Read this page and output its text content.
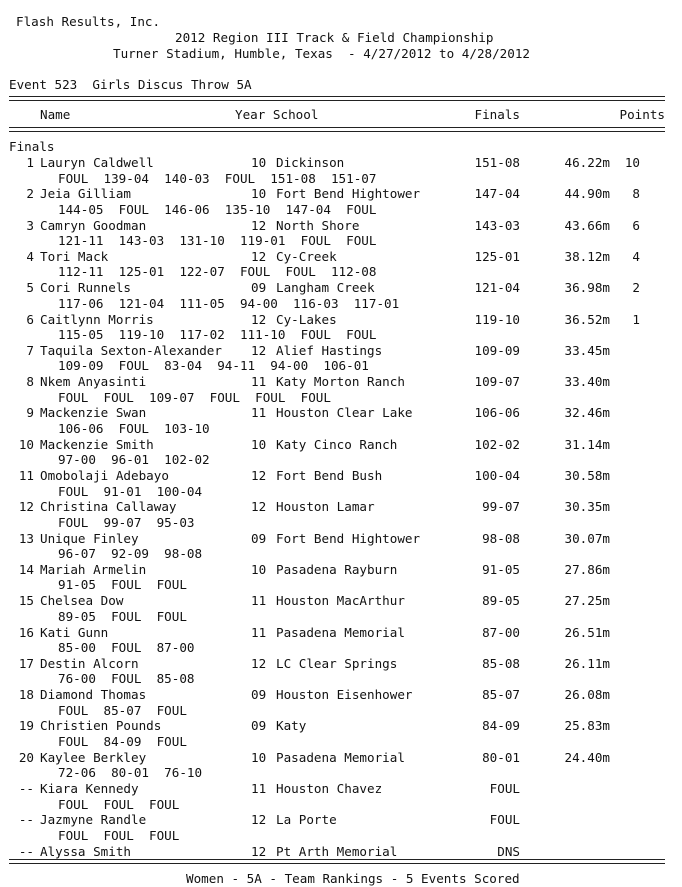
Flash Results, Inc.
2012 Region III Track & Field Championship
Turner Stadium, Humble, Texas  - 4/27/2012 to 4/28/2012
Event 523  Girls Discus Throw 5A
Name	Year School	Finals	Points
Finals
1 Lauryn Caldwell	10 Dickinson	151-08	46.22m	10
FOUL  139-04  140-03  FOUL  151-08  151-07
2 Jeia Gilliam	10 Fort Bend Hightower	147-04	44.90m	8
144-05  FOUL  146-06  135-10  147-04  FOUL
3 Camryn Goodman	12 North Shore	143-03	43.66m	6
121-11  143-03  131-10  119-01  FOUL  FOUL
4 Tori Mack	12 Cy-Creek	125-01	38.12m	4
112-11  125-01  122-07  FOUL  FOUL  112-08
5 Cori Runnels	09 Langham Creek	121-04	36.98m	2
117-06  121-04  111-05  94-00  116-03  117-01
6 Caitlynn Morris	12 Cy-Lakes	119-10	36.52m	1
115-05  119-10  117-02  111-10  FOUL  FOUL
7 Taquila Sexton-Alexander 12 Alief Hastings	109-09	33.45m
109-09  FOUL  83-04  94-11  94-00  106-01
8 Nkem Anyasinti	11 Katy Morton Ranch	109-07	33.40m
FOUL  FOUL  109-07  FOUL  FOUL  FOUL
9 Mackenzie Swan	11 Houston Clear Lake	106-06	32.46m
106-06  FOUL  103-10
10 Mackenzie Smith	10 Katy Cinco Ranch	102-02	31.14m
97-00  96-01  102-02
11 Omobolaji Adebayo	12 Fort Bend Bush	100-04	30.58m
FOUL  91-01  100-04
12 Christina Callaway	12 Houston Lamar	99-07	30.35m
FOUL  99-07  95-03
13 Unique Finley	09 Fort Bend Hightower	98-08	30.07m
96-07  92-09  98-08
14 Mariah Armelin	10 Pasadena Rayburn	91-05	27.86m
91-05  FOUL  FOUL
15 Chelsea Dow	11 Houston MacArthur	89-05	27.25m
89-05  FOUL  FOUL
16 Kati Gunn	11 Pasadena Memorial	87-00	26.51m
85-00  FOUL  87-00
17 Destin Alcorn	12 LC Clear Springs	85-08	26.11m
76-00  FOUL  85-08
18 Diamond Thomas	09 Houston Eisenhower	85-07	26.08m
FOUL  85-07  FOUL
19 Christien Pounds	09 Katy	84-09	25.83m
FOUL  84-09  FOUL
20 Kaylee Berkley	10 Pasadena Memorial	80-01	24.40m
72-06  80-01  76-10
-- Kiara Kennedy	11 Houston Chavez	FOUL
FOUL  FOUL  FOUL
-- Jazmyne Randle	12 La Porte	FOUL
FOUL  FOUL  FOUL
-- Alyssa Smith	12 Pt Arth Memorial	DNS
Women - 5A - Team Rankings - 5 Events Scored
